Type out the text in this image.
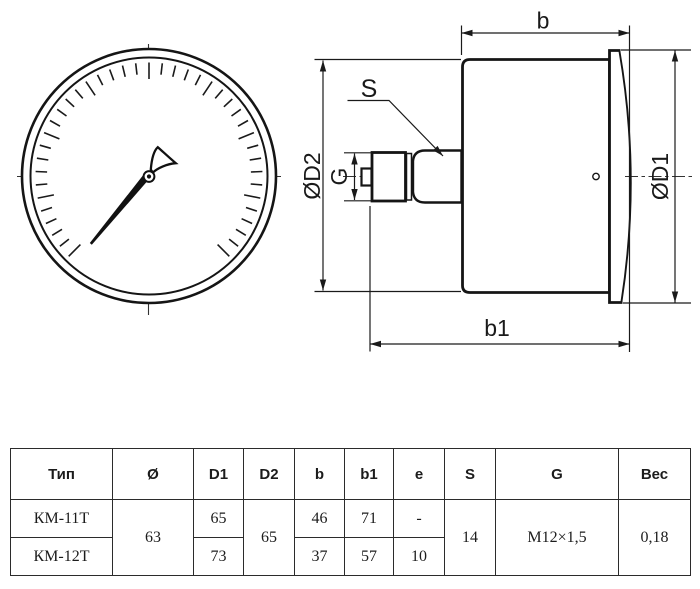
b
ØD1
ØD2 G
S
b1
Тип	Ø	D1	D2	b	b1	e	S	G	Вес
КМ-11Т	63	65	65	46	71	-	14	M12×1,5	0,18
КМ-12Т		73		37	57	10			
